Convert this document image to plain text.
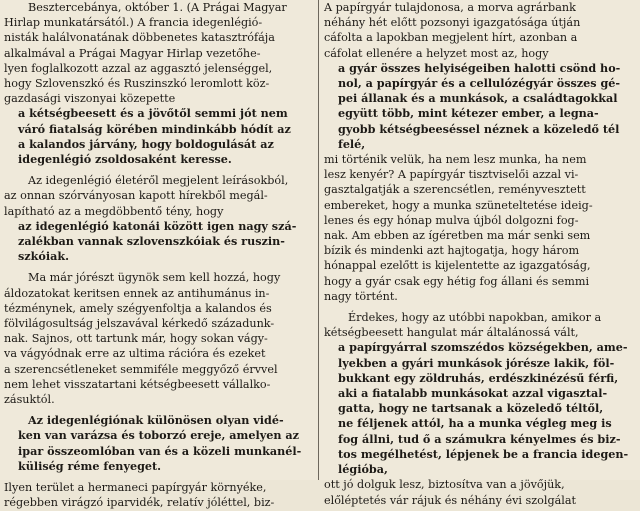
Besztercebánya, október 1. (A Prágai Magyar

Hirlap munkatársától.) A francia idegenlégió-

nisták halálvonatának döbbenetes katasztrófája

alkalmával a Prágai Magyar Hirlap vezetőhe-

lyen foglalkozott azzal az aggasztó jelenséggel,

hogy Szlovenszkó és Ruszinszkó leromlott köz-

gazdasági viszonyai közepette

a kétségbeesett és a jövőtől semmi jót nem

váró fiatalság körében mindinkább hódít az

a kalandos járvány, hogy boldogulását az

idegenlégió zsoldosaként keresse.

Az idegenlégió életéről megjelent leírásokból,

az onnan szórványosan kapott hírekből megál-

lapítható az a megdöbbentő tény, hogy

az idegenlégió katonái között igen nagy szá-

zalékban vannak szlovenszkóiak és ruszin-

szkóiak.

Ma már jórészt ügynök sem kell hozzá, hogy

áldozatokat keritsen ennek az antihumánus in-

tézménynek, amely szégyenfoltja a kalandos és

fölvilágosultság jelszavával kérkedő századunk-

nak. Sajnos, ott tartunk már, hogy sokan vágy-

va vágyódnak erre az ultima rációra és ezeket

a szerencsétleneket semmiféle meggyőző érvvel

nem lehet visszatartani kétségbeesett vállalko-

zásuktól.

Az idegenlégiónak különösen olyan vidé-

ken van varázsa és toborzó ereje, amelyen az

ipar összeomlóban van és a közeli munkanél-

küliség réme fenyeget.

Ilyen terület a hermaneci papírgyár környéke,

régebben virágzó iparvidék, relatív jóléttel, biz-

A papírgyár tulajdonosa, a morva agrárbank

néhány hét előtt pozsonyi igazgatósága útján

cáfolta a lapokban megjelent hírt, azonban a

cáfolat ellenére a helyzet most az, hogy

a gyár összes helyiségeiben halotti csönd ho-

nol, a papírgyár és a cellulózégyár összes gé-

pei állanak és a munkások, a családtagokkal

együtt több, mint kétezer ember, a legna-

gyobb kétségbeeséssel néznek a közeledő tél

felé,

mi történik velük, ha nem lesz munka, ha nem

lesz kenyér? A papírgyár tisztviselői azzal vi-

gasztalgatják a szerencsétlen, reményvesztett

embereket, hogy a munka szüneteltetése ideig-

lenes és egy hónap mulva újból dolgozni fog-

nak. Am ebben az ígéretben ma már senki sem

bízik és mindenki azt hajtogatja, hogy három

hónappal ezelőtt is kijelentette az igazgatóság,

hogy a gyár csak egy hétig fog állani és semmi

nagy történt.

Érdekes, hogy az utóbbi napokban, amikor a

kétségbeesett hangulat már általánossá vált,

a papírgyárral szomszédos községekben, ame-

lyekben a gyári munkások jórésze lakik, föl-

bukkant egy zöldruhás, erdészkinézésű férfi,

aki a fiatalabb munkásokat azzal vigasztal-

gatta, hogy ne tartsanak a közeledő téltől,

ne féljenek attól, ha a munka végleg meg is

fog állni, tud ő a számukra kényelmes és biz-

tos megélhetést, lépjenek be a francia idegen-

légióba,

ott jó dolguk lesz, biztosítva van a jövőjük,

előléptetés vár rájuk és néhány évi szolgálat
